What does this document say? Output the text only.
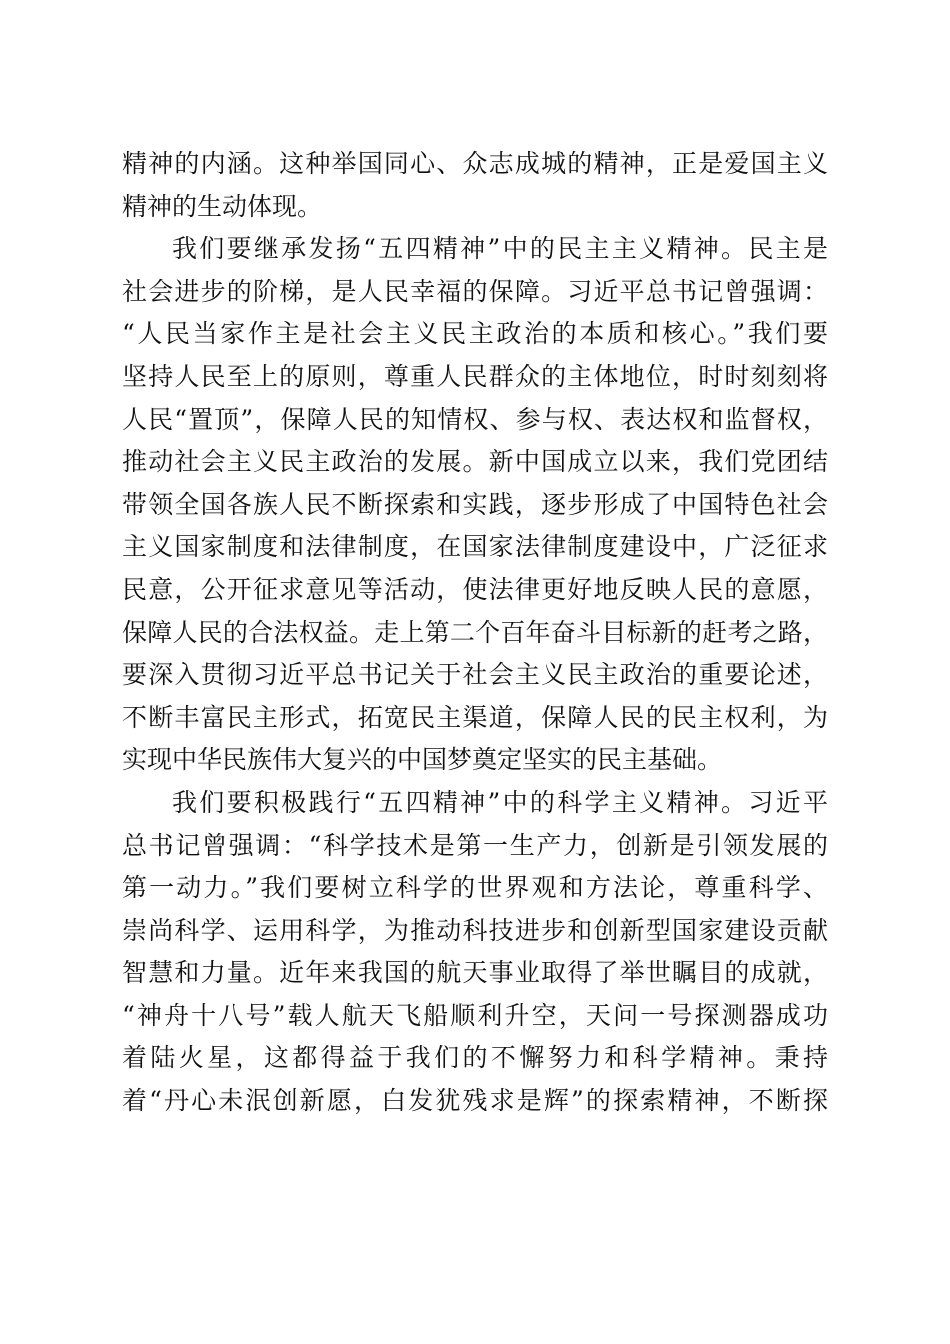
精神的内涵。这种举国同心、众志成城的精神，正是爱国主义
精神的生动体现。
我们要继承发扬“五四精神”中的民主主义精神。民主是
社会进步的阶梯，是人民幸福的保障。习近平总书记曾强调：
“人民当家作主是社会主义民主政治的本质和核心。”我们要
坚持人民至上的原则，尊重人民群众的主体地位，时时刻刻将
人民“置顶”，保障人民的知情权、参与权、表达权和监督权，
推动社会主义民主政治的发展。新中国成立以来，我们党团结
带领全国各族人民不断探索和实践，逐步形成了中国特色社会
主义国家制度和法律制度，在国家法律制度建设中，广泛征求
民意，公开征求意见等活动，使法律更好地反映人民的意愿，
保障人民的合法权益。走上第二个百年奋斗目标新的赶考之路，
要深入贯彻习近平总书记关于社会主义民主政治的重要论述，
不断丰富民主形式，拓宽民主渠道，保障人民的民主权利，为
实现中华民族伟大复兴的中国梦奠定坚实的民主基础。
我们要积极践行“五四精神”中的科学主义精神。习近平
总书记曾强调：“科学技术是第一生产力，创新是引领发展的
第一动力。”我们要树立科学的世界观和方法论，尊重科学、
崇尚科学、运用科学，为推动科技进步和创新型国家建设贡献
智慧和力量。近年来我国的航天事业取得了举世瞩目的成就，
“神舟十八号”载人航天飞船顺利升空，天问一号探测器成功
着陆火星，这都得益于我们的不懈努力和科学精神。秉持
着“丹心未泯创新愿，白发犹残求是辉”的探索精神，不断探
